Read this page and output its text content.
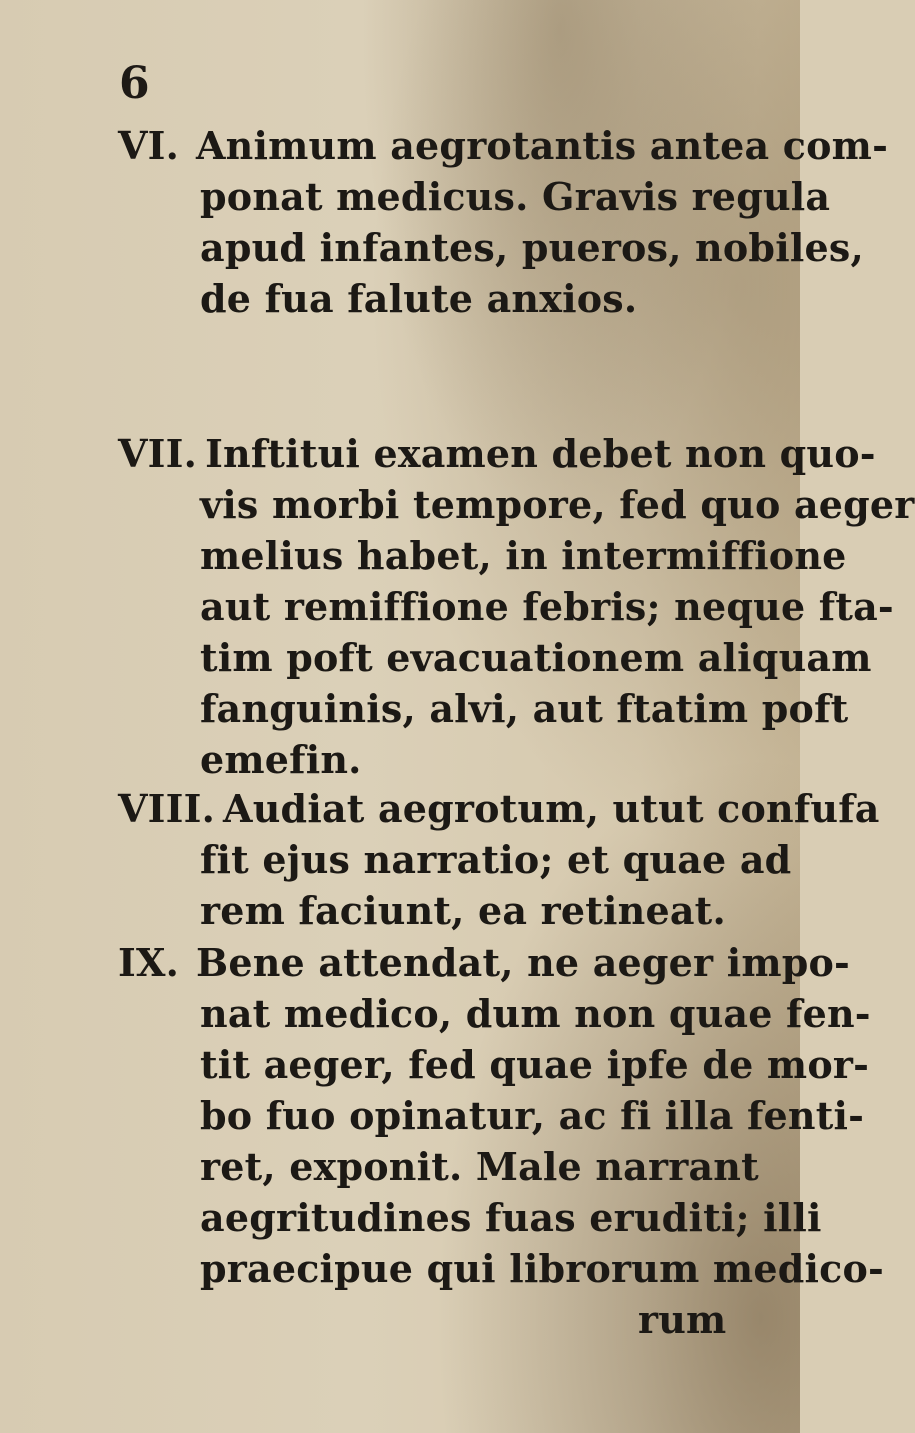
6
VI. Animum aegrotantis antea com-
ponat medicus. Gravis regula
apud infantes, pueros, nobiles,
de fua falute anxios.
VII. Inftitui examen debet non quo-
vis morbi tempore, fed quo aeger
melius habet, in intermiffione
aut remiffione febris; neque fta-
tim poft evacuationem aliquam
fanguinis, alvi, aut ftatim poft
emefin.
VIII. Audiat aegrotum, utut confufa
fit ejus narratio; et quae ad
rem faciunt, ea retineat.
IX. Bene attendat, ne aeger impo-
nat medico, dum non quae fen-
tit aeger, fed quae ipfe de mor-
bo fuo opinatur, ac fi illa fenti-
ret, exponit. Male narrant
aegritudines fuas eruditi; illi
praecipue qui librorum medico-
rum
